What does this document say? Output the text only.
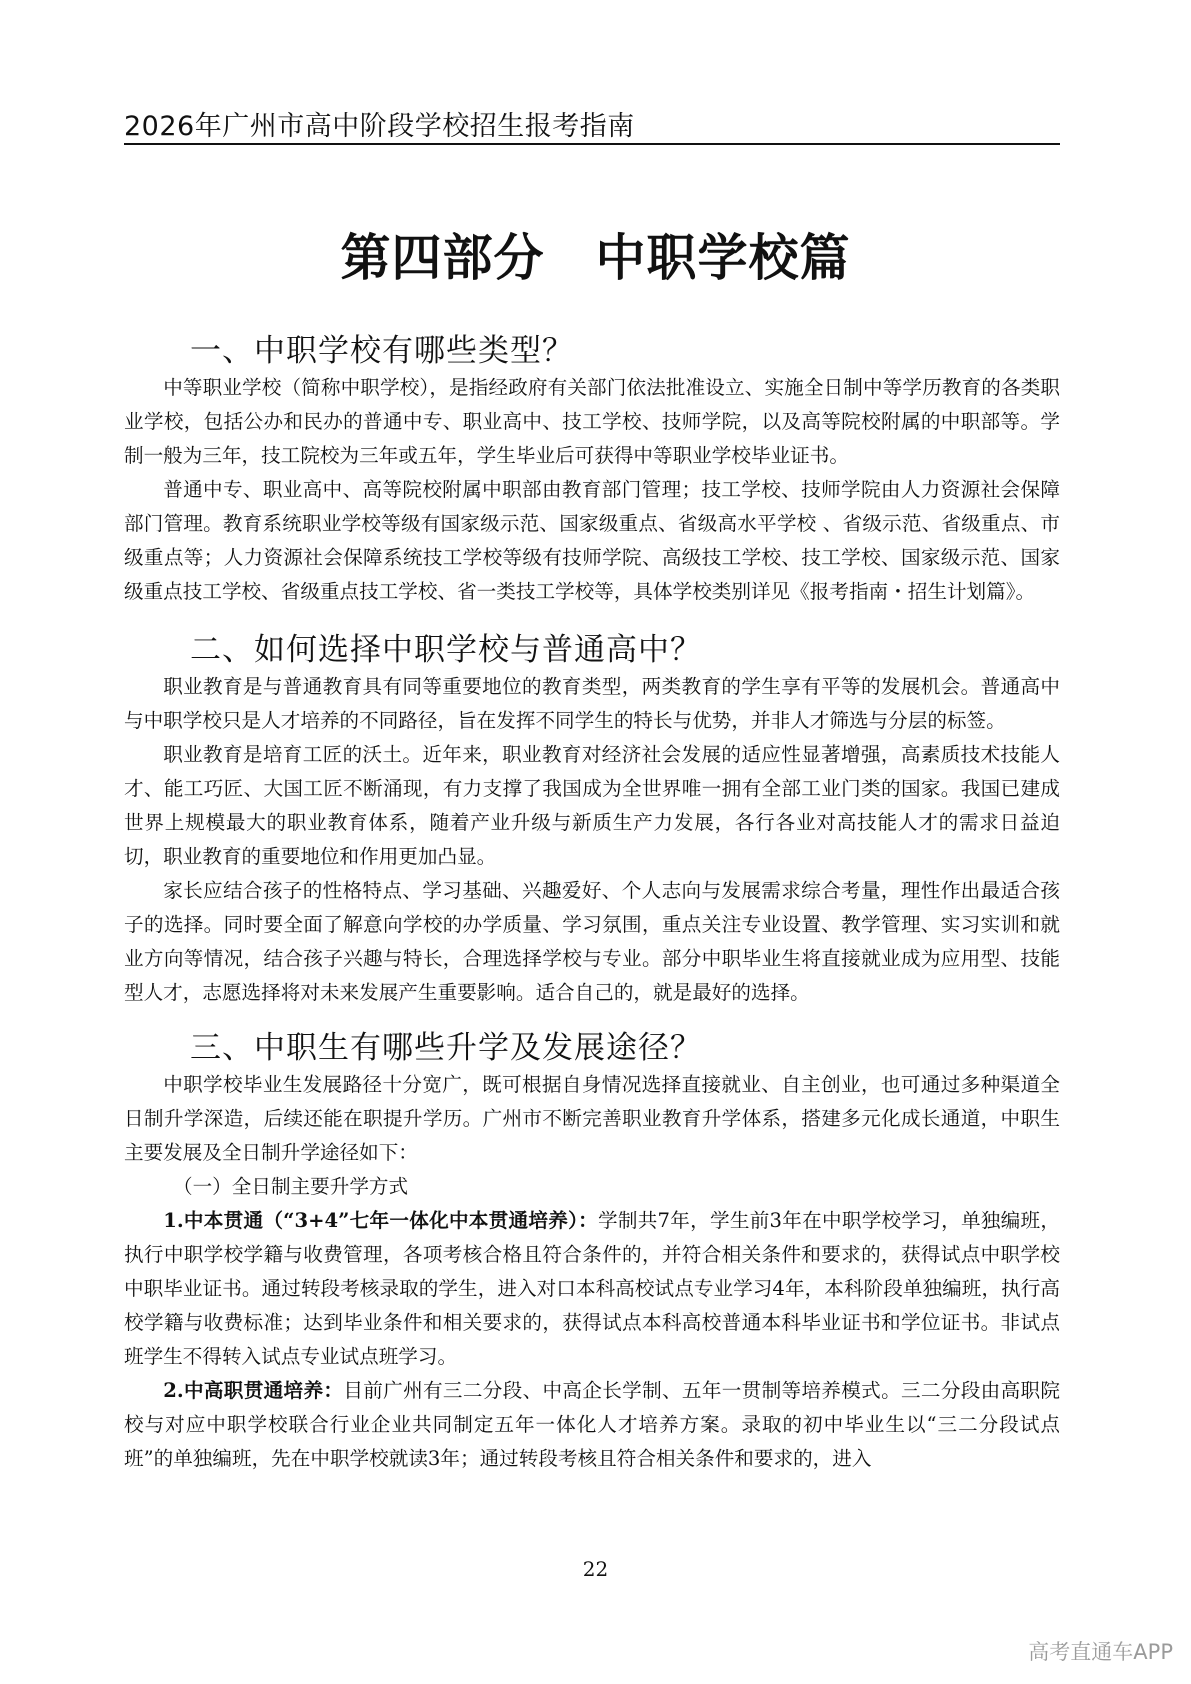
2026年广州市高中阶段学校招生报考指南
第四部分　中职学校篇
一、中职学校有哪些类型？

中等职业学校（简称中职学校），是指经政府有关部门依法批准设立、实施全日制中等学历教育的各类职业学校，包括公办和民办的普通中专、职业高中、技工学校、技师学院，以及高等院校附属的中职部等。学制一般为三年，技工院校为三年或五年，学生毕业后可获得中等职业学校毕业证书。

普通中专、职业高中、高等院校附属中职部由教育部门管理；技工学校、技师学院由人力资源社会保障部门管理。教育系统职业学校等级有国家级示范、国家级重点、省级高水平学校 、省级示范、省级重点、市级重点等；人力资源社会保障系统技工学校等级有技师学院、高级技工学校、技工学校、国家级示范、国家级重点技工学校、省级重点技工学校、省一类技工学校等，具体学校类别详见《报考指南・招生计划篇》。

二、如何选择中职学校与普通高中？

职业教育是与普通教育具有同等重要地位的教育类型，两类教育的学生享有平等的发展机会。普通高中与中职学校只是人才培养的不同路径，旨在发挥不同学生的特长与优势，并非人才筛选与分层的标签。

职业教育是培育工匠的沃土。近年来，职业教育对经济社会发展的适应性显著增强，高素质技术技能人才、能工巧匠、大国工匠不断涌现，有力支撑了我国成为全世界唯一拥有全部工业门类的国家。我国已建成世界上规模最大的职业教育体系，随着产业升级与新质生产力发展，各行各业对高技能人才的需求日益迫切，职业教育的重要地位和作用更加凸显。

家长应结合孩子的性格特点、学习基础、兴趣爱好、个人志向与发展需求综合考量，理性作出最适合孩子的选择。同时要全面了解意向学校的办学质量、学习氛围，重点关注专业设置、教学管理、实习实训和就业方向等情况，结合孩子兴趣与特长，合理选择学校与专业。部分中职毕业生将直接就业成为应用型、技能型人才，志愿选择将对未来发展产生重要影响。适合自己的，就是最好的选择。

三、中职生有哪些升学及发展途径？

中职学校毕业生发展路径十分宽广，既可根据自身情况选择直接就业、自主创业，也可通过多种渠道全日制升学深造，后续还能在职提升学历。广州市不断完善职业教育升学体系，搭建多元化成长通道，中职生主要发展及全日制升学途径如下：

（一）全日制主要升学方式

1.中本贯通（“3+4”七年一体化中本贯通培养）：学制共7年，学生前3年在中职学校学习，单独编班，执行中职学校学籍与收费管理，各项考核合格且符合条件的，并符合相关条件和要求的，获得试点中职学校中职毕业证书。通过转段考核录取的学生，进入对口本科高校试点专业学习4年，本科阶段单独编班，执行高校学籍与收费标准；达到毕业条件和相关要求的，获得试点本科高校普通本科毕业证书和学位证书。非试点班学生不得转入试点专业试点班学习。

2.中高职贯通培养：目前广州有三二分段、中高企长学制、五年一贯制等培养模式。三二分段由高职院校与对应中职学校联合行业企业共同制定五年一体化人才培养方案。录取的初中毕业生以“三二分段试点班”的单独编班，先在中职学校就读3年；通过转段考核且符合相关条件和要求的，进入

22
高考直通车APP
